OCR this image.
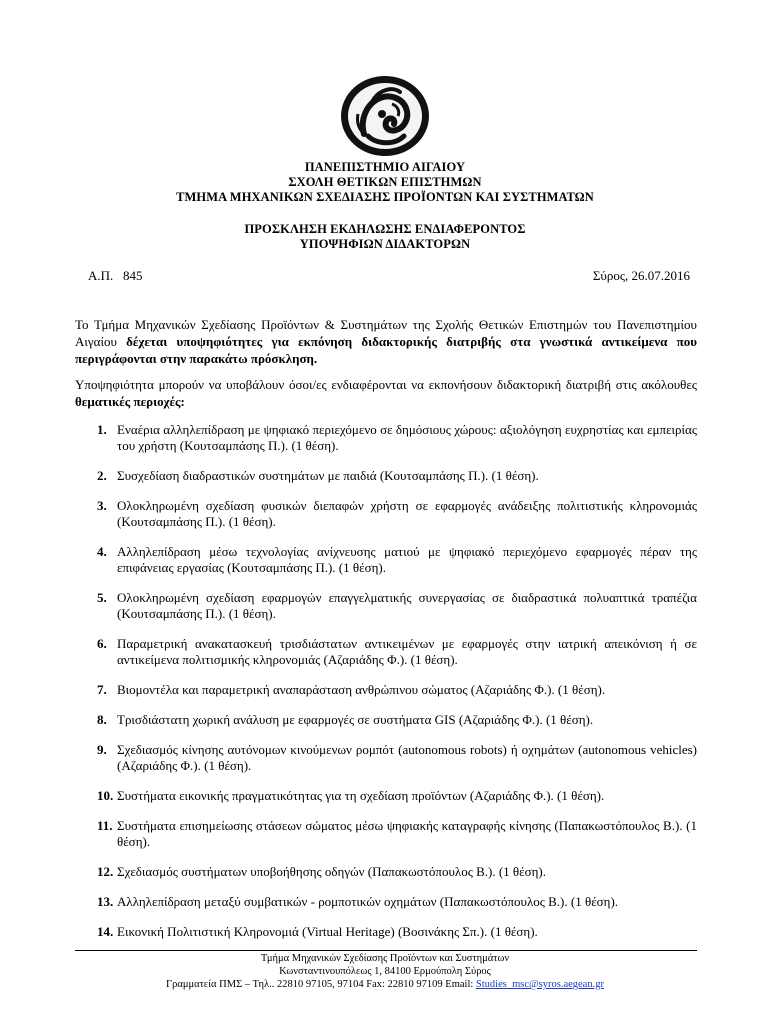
ΠΑΝΕΠΙΣΤΗΜΙΟ ΑΙΓΑΙΟΥ
ΣΧΟΛΗ ΘΕΤΙΚΩΝ ΕΠΙΣΤΗΜΩΝ
ΤΜΗΜΑ ΜΗΧΑΝΙΚΩΝ ΣΧΕΔΙΑΣΗΣ ΠΡΟΪΟΝΤΩΝ ΚΑΙ ΣΥΣΤΗΜΑΤΩΝ
ΠΡΟΣΚΛΗΣΗ ΕΚΔΗΛΩΣΗΣ ΕΝΔΙΑΦΕΡΟΝΤΟΣ
ΥΠΟΨΗΦΙΩΝ ΔΙΔΑΚΤΟΡΩΝ
Α.Π.   845	Σύρος, 26.07.2016
Το Τμήμα Μηχανικών Σχεδίασης Προϊόντων & Συστημάτων της Σχολής Θετικών Επιστημών του Πανεπιστημίου Αιγαίου δέχεται υποψηφιότητες για εκπόνηση διδακτορικής διατριβής στα γνωστικά αντικείμενα που περιγράφονται στην παρακάτω πρόσκληση.
Υποψηφιότητα μπορούν να υποβάλουν όσοι/ες ενδιαφέρονται να εκπονήσουν διδακτορική διατριβή στις ακόλουθες θεματικές περιοχές:
1. Εναέρια αλληλεπίδραση με ψηφιακό περιεχόμενο σε δημόσιους χώρους: αξιολόγηση ευχρηστίας και εμπειρίας του χρήστη (Κουτσαμπάσης Π.). (1 θέση).
2. Συσχεδίαση διαδραστικών συστημάτων με παιδιά (Κουτσαμπάσης Π.). (1 θέση).
3. Ολοκληρωμένη σχεδίαση φυσικών διεπαφών χρήστη σε εφαρμογές ανάδειξης πολιτιστικής κληρονομιάς (Κουτσαμπάσης Π.). (1 θέση).
4. Αλληλεπίδραση μέσω τεχνολογίας ανίχνευσης ματιού με ψηφιακό περιεχόμενο εφαρμογές πέραν της επιφάνειας εργασίας (Κουτσαμπάσης Π.). (1 θέση).
5. Ολοκληρωμένη σχεδίαση εφαρμογών επαγγελματικής συνεργασίας σε διαδραστικά πολυαπτικά τραπέζια (Κουτσαμπάσης Π.). (1 θέση).
6. Παραμετρική ανακατασκευή τρισδιάστατων αντικειμένων με εφαρμογές στην ιατρική απεικόνιση ή σε αντικείμενα πολιτισμικής κληρονομιάς (Αζαριάδης Φ.). (1 θέση).
7. Βιομοντέλα και παραμετρική αναπαράσταση ανθρώπινου σώματος (Αζαριάδης Φ.). (1 θέση).
8. Τρισδιάστατη χωρική ανάλυση με εφαρμογές σε συστήματα GIS (Αζαριάδης Φ.). (1 θέση).
9. Σχεδιασμός κίνησης αυτόνομων κινούμενων ρομπότ (autonomous robots) ή οχημάτων (autonomous vehicles) (Αζαριάδης Φ.). (1 θέση).
10. Συστήματα εικονικής πραγματικότητας για τη σχεδίαση προϊόντων (Αζαριάδης Φ.). (1 θέση).
11. Συστήματα επισημείωσης στάσεων σώματος μέσω ψηφιακής καταγραφής κίνησης (Παπακωστόπουλος Β.). (1 θέση).
12. Σχεδιασμός συστήματων υποβοήθησης οδηγών (Παπακωστόπουλος Β.). (1 θέση).
13. Αλληλεπίδραση μεταξύ συμβατικών - ρομποτικών οχημάτων (Παπακωστόπουλος Β.). (1 θέση).
14. Εικονική Πολιτιστική Κληρονομιά (Virtual Heritage) (Βοσινάκης Σπ.). (1 θέση).
Τμήμα Μηχανικών Σχεδίασης Προϊόντων και Συστημάτων
Κωνσταντινουπόλεως 1, 84100 Ερμούπολη Σύρος
Γραμματεία ΠΜΣ – Τηλ.. 22810 97105, 97104 Fax: 22810 97109 Email: Studies_msc@syros.aegean.gr
